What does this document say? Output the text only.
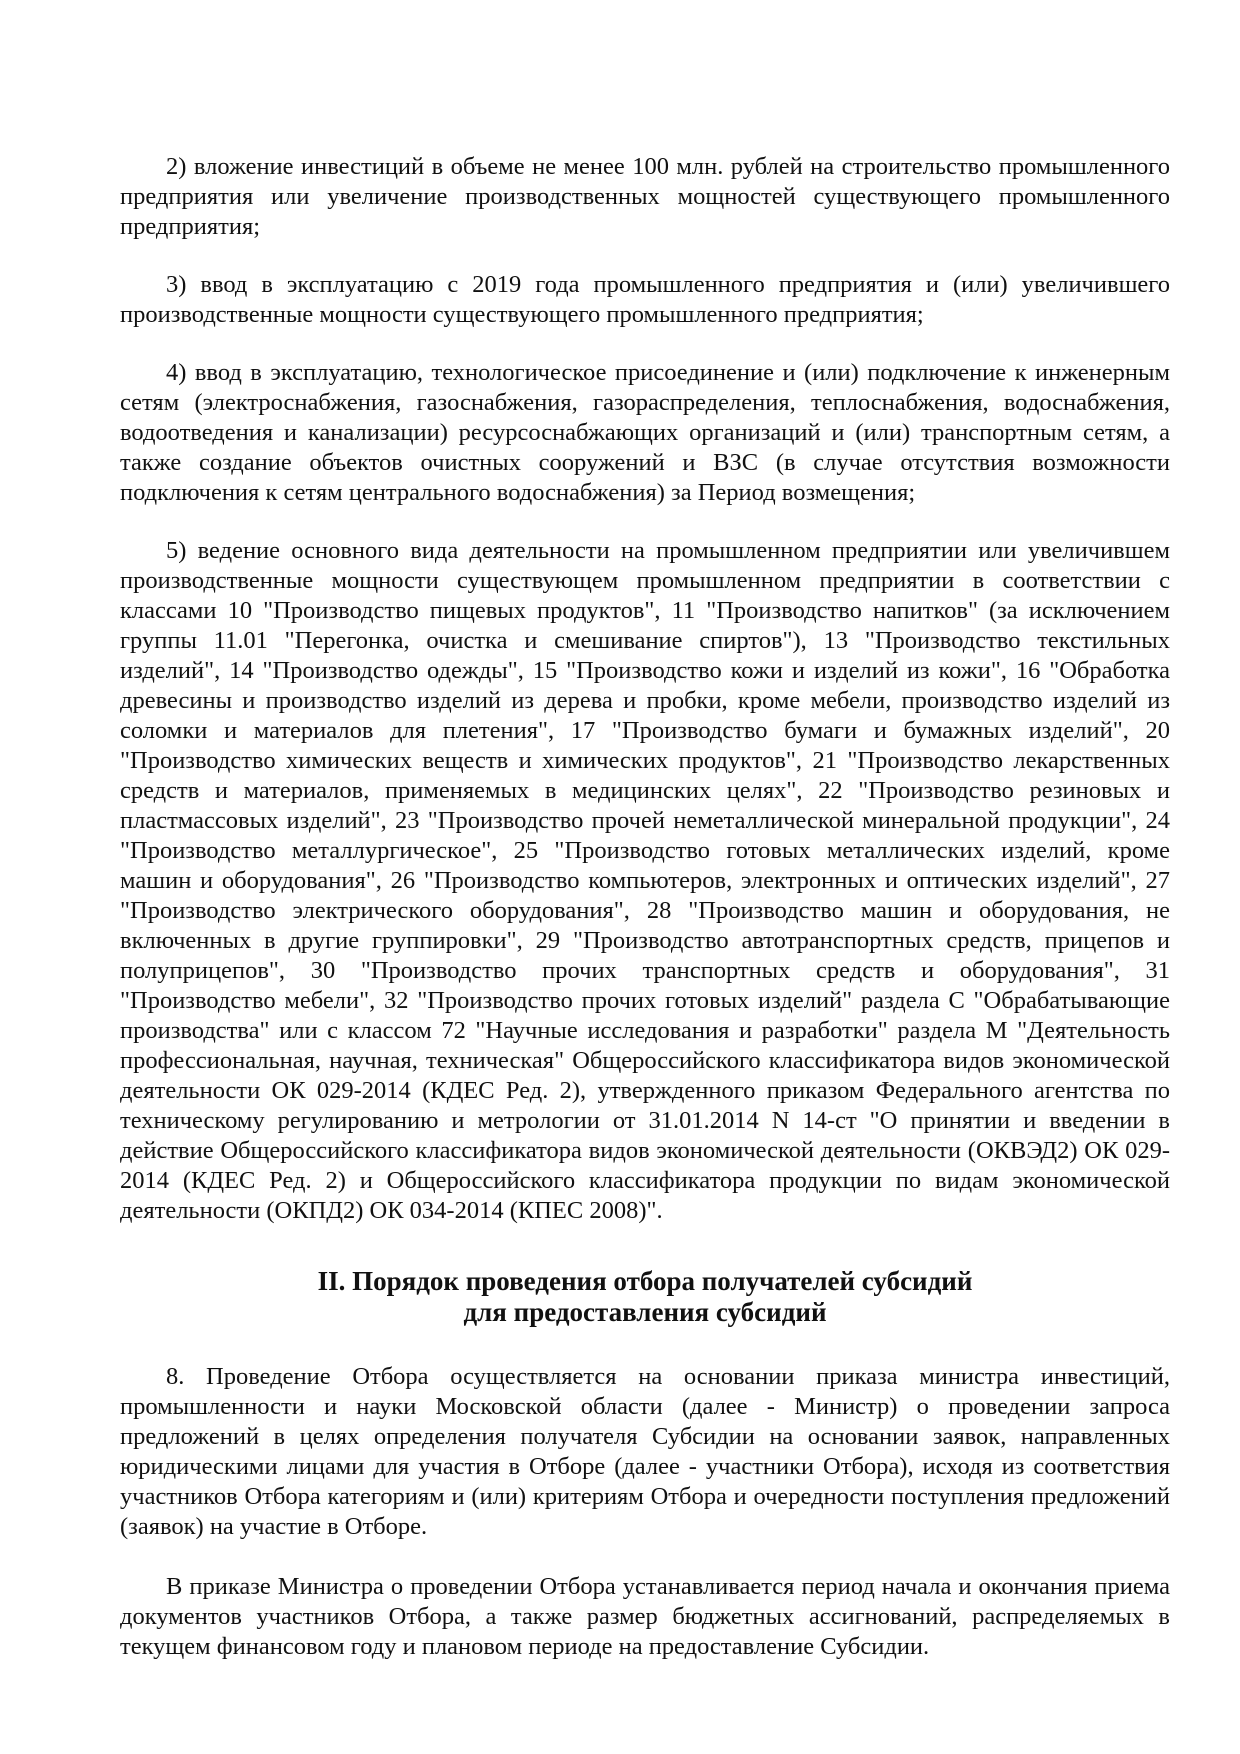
2) вложение инвестиций в объеме не менее 100 млн. рублей на строительство промышленного предприятия или увеличение производственных мощностей существующего промышленного предприятия;

3) ввод в эксплуатацию с 2019 года промышленного предприятия и (или) увеличившего производственные мощности существующего промышленного предприятия;

4) ввод в эксплуатацию, технологическое присоединение и (или) подключение к инженерным сетям (электроснабжения, газоснабжения, газораспределения, теплоснабжения, водоснабжения, водоотведения и канализации) ресурсоснабжающих организаций и (или) транспортным сетям, а также создание объектов очистных сооружений и ВЗС (в случае отсутствия возможности подключения к сетям центрального водоснабжения) за Период возмещения;

5) ведение основного вида деятельности на промышленном предприятии или увеличившем производственные мощности существующем промышленном предприятии в соответствии с классами 10 "Производство пищевых продуктов", 11 "Производство напитков" (за исключением группы 11.01 "Перегонка, очистка и смешивание спиртов"), 13 "Производство текстильных изделий", 14 "Производство одежды", 15 "Производство кожи и изделий из кожи", 16 "Обработка древесины и производство изделий из дерева и пробки, кроме мебели, производство изделий из соломки и материалов для плетения", 17 "Производство бумаги и бумажных изделий", 20 "Производство химических веществ и химических продуктов", 21 "Производство лекарственных средств и материалов, применяемых в медицинских целях", 22 "Производство резиновых и пластмассовых изделий", 23 "Производство прочей неметаллической минеральной продукции", 24 "Производство металлургическое", 25 "Производство готовых металлических изделий, кроме машин и оборудования", 26 "Производство компьютеров, электронных и оптических изделий", 27 "Производство электрического оборудования", 28 "Производство машин и оборудования, не включенных в другие группировки", 29 "Производство автотранспортных средств, прицепов и полуприцепов", 30 "Производство прочих транспортных средств и оборудования", 31 "Производство мебели", 32 "Производство прочих готовых изделий" раздела С "Обрабатывающие производства" или с классом 72 "Научные исследования и разработки" раздела М "Деятельность профессиональная, научная, техническая" Общероссийского классификатора видов экономической деятельности ОК 029-2014 (КДЕС Ред. 2), утвержденного приказом Федерального агентства по техническому регулированию и метрологии от 31.01.2014 N 14-ст "О принятии и введении в действие Общероссийского классификатора видов экономической деятельности (ОКВЭД2) ОК 029-2014 (КДЕС Ред. 2) и Общероссийского классификатора продукции по видам экономической деятельности (ОКПД2) ОК 034-2014 (КПЕС 2008)".

II. Порядок проведения отбора получателей субсидий
для предоставления субсидий

8. Проведение Отбора осуществляется на основании приказа министра инвестиций, промышленности и науки Московской области (далее - Министр) о проведении запроса предложений в целях определения получателя Субсидии на основании заявок, направленных юридическими лицами для участия в Отборе (далее - участники Отбора), исходя из соответствия участников Отбора категориям и (или) критериям Отбора и очередности поступления предложений (заявок) на участие в Отборе.

В приказе Министра о проведении Отбора устанавливается период начала и окончания приема документов участников Отбора, а также размер бюджетных ассигнований, распределяемых в текущем финансовом году и плановом периоде на предоставление Субсидии.
